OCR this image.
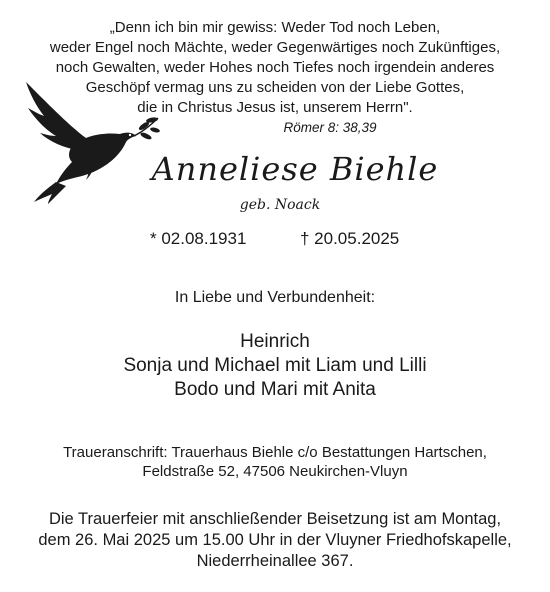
„Denn ich bin mir gewiss: Weder Tod noch Leben,
weder Engel noch Mächte, weder Gegenwärtiges noch Zukünftiges,
noch Gewalten, weder Hohes noch Tiefes noch irgendein anderes
Geschöpf vermag uns zu scheiden von der Liebe Gottes,
die in Christus Jesus ist, unserem Herrn".
Römer 8: 38,39
Anneliese Biehle
geb. Noack
* 02.08.1931	† 20.05.2025
In Liebe und Verbundenheit:
Heinrich
Sonja und Michael mit Liam und Lilli
Bodo und Mari mit Anita
Traueranschrift: Trauerhaus Biehle c/o Bestattungen Hartschen,
Feldstraße 52, 47506 Neukirchen-Vluyn
Die Trauerfeier mit anschließender Beisetzung ist am Montag,
dem 26. Mai 2025 um 15.00 Uhr in der Vluyner Friedhofskapelle,
Niederrheinallee 367.
